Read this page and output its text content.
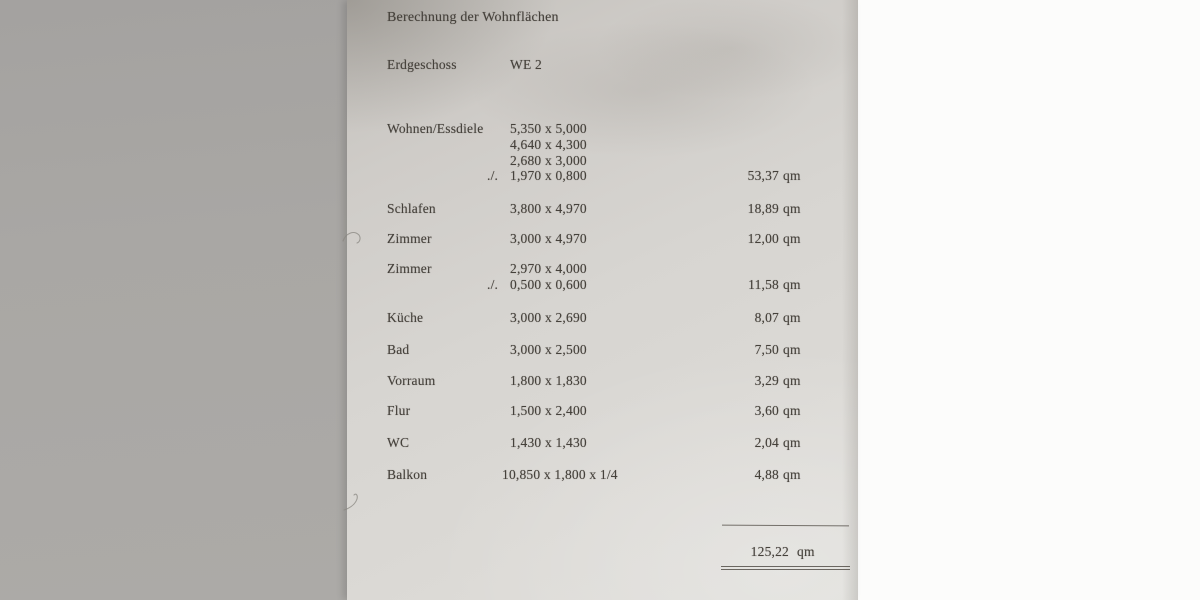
Berechnung der Wohnflächen
Erdgeschoss	WE 2
Wohnen/Essdiele 5,350 x 5,000
4,640 x 4,300
2,680 x 3,000
./. 1,970 x 0,800	53,37 qm
Schlafen	3,800 x 4,970	18,89 qm
Zimmer	3,000 x 4,970	12,00 qm
Zimmer	2,970 x 4,000
./. 0,500 x 0,600	11,58 qm
Küche	3,000 x 2,690	8,07 qm
Bad	3,000 x 2,500	7,50 qm
Vorraum	1,800 x 1,830	3,29 qm
Flur	1,500 x 2,400	3,60 qm
WC	1,430 x 1,430	2,04 qm
Balkon	10,850 x 1,800 x 1/4	4,88 qm
125,22 qm
